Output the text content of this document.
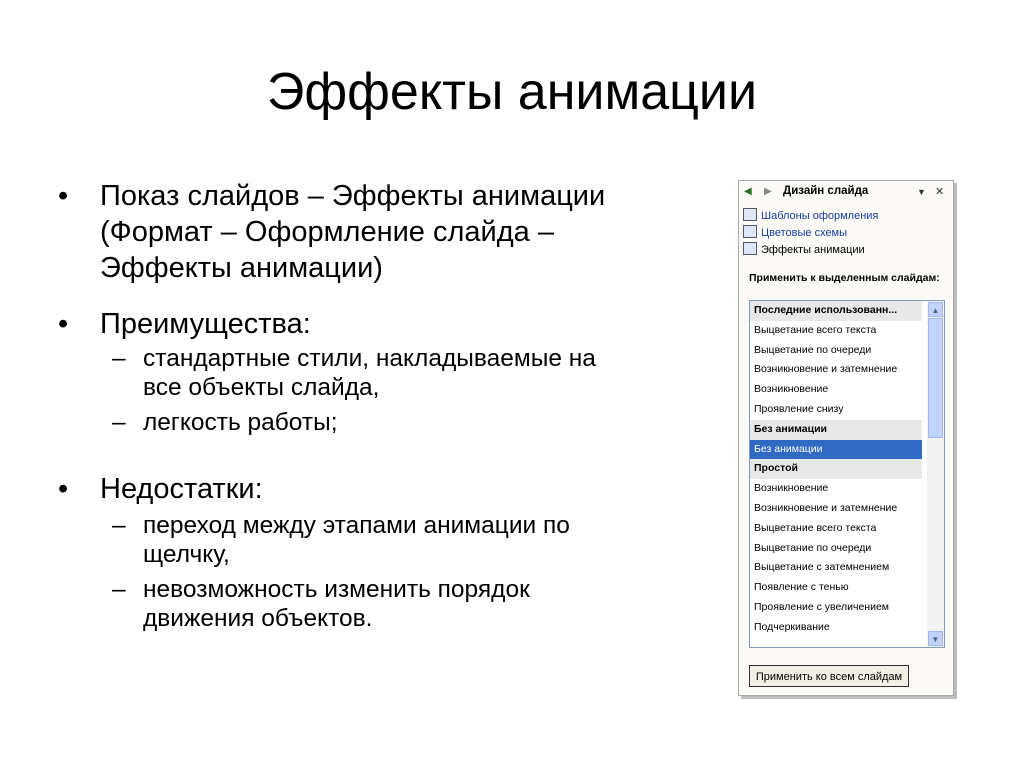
Эффекты анимации
• Показ слайдов – Эффекты анимации
(Формат – Оформление слайда –
Эффекты анимации)
• Преимущества:
– стандартные стили, накладываемые на
все объекты слайда,
– легкость работы;
• Недостатки:
– переход между этапами анимации по
щелчку,
– невозможность изменить порядок
движения объектов.
◀ ▶ Дизайн слайда	▼ ✕
Шаблоны оформления
Цветовые схемы
Эффекты анимации
Применить к выделенным слайдам:
Последние использованн...
Выцветание всего текста
Выцветание по очереди
Возникновение и затемнение
Возникновение
Проявление снизу
Без анимации
Без анимации
Простой
Возникновение
Возникновение и затемнение
Выцветание всего текста
Выцветание по очереди
Выцветание с затемнением
Появление с тенью
Проявление с увеличением
Подчеркивание
▲
▼
Применить ко всем слайдам
